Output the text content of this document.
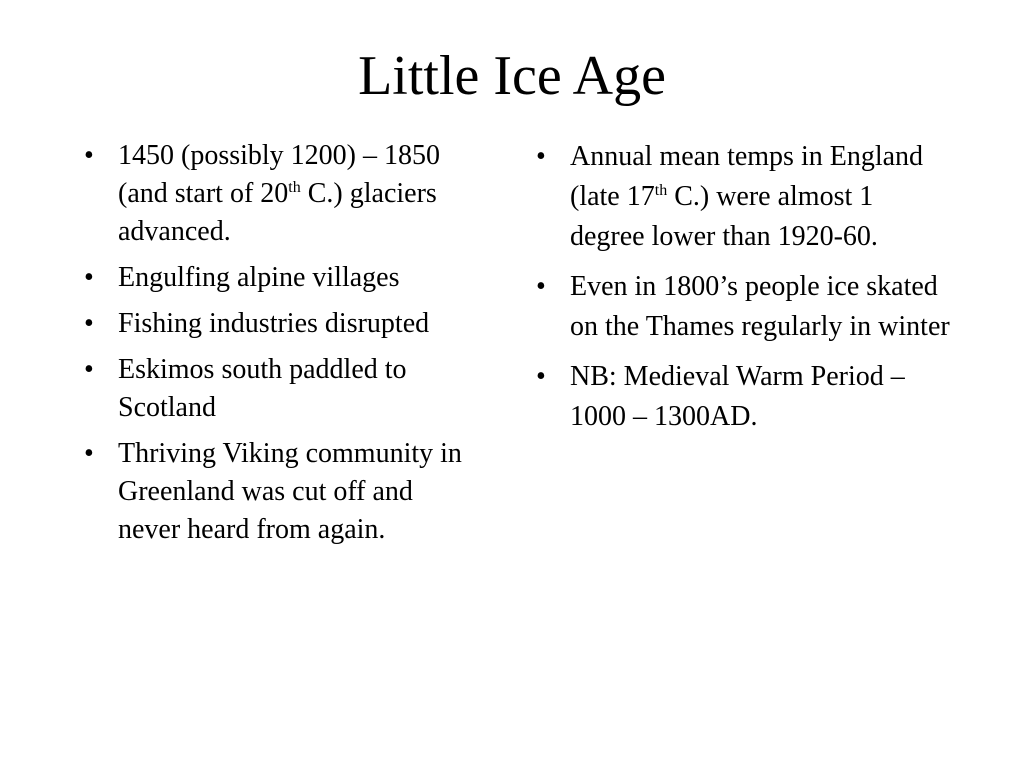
Little Ice Age
• 1450 (possibly 1200) – 1850 (and start of 20th C.) glaciers advanced.
• Engulfing alpine villages
• Fishing industries disrupted
• Eskimos south paddled to Scotland
• Thriving Viking community in Greenland was cut off and never heard from again.
• Annual mean temps in England (late 17th C.) were almost 1 degree lower than 1920-60.
• Even in 1800’s people ice skated on the Thames regularly in winter
• NB: Medieval Warm Period – 1000 – 1300AD.
